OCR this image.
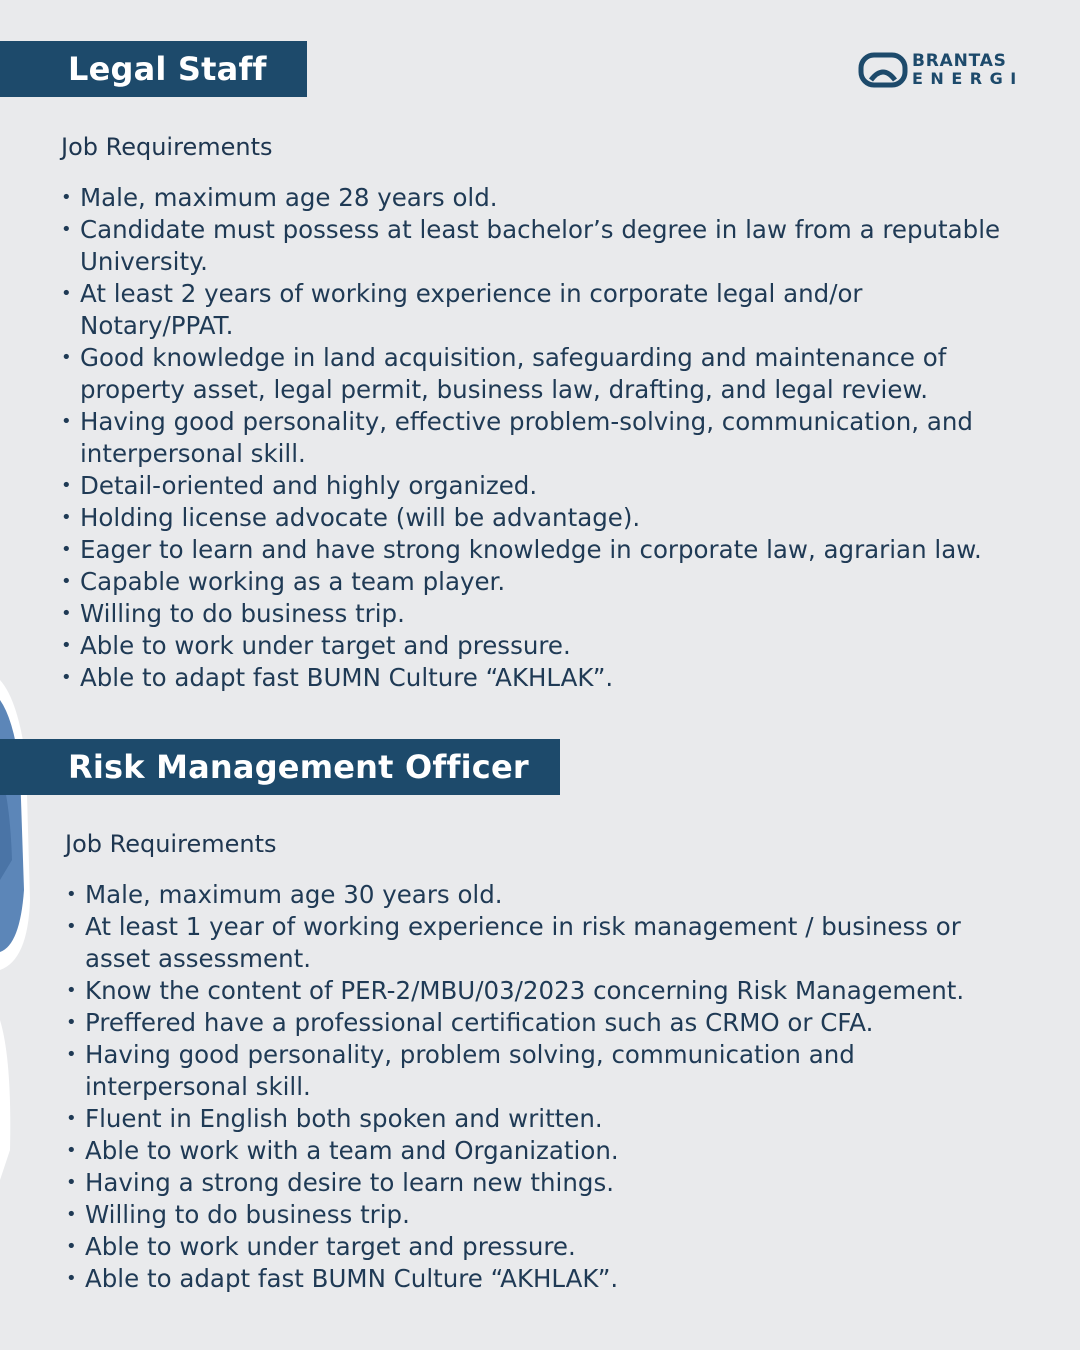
BRANTAS
ENERGI
Legal Staff
Job Requirements
• Male, maximum age 28 years old.
• Candidate must possess at least bachelor’s degree in law from a reputable University.
• At least 2 years of working experience in corporate legal and/or Notary/PPAT.
• Good knowledge in land acquisition, safeguarding and maintenance of property asset, legal permit, business law, drafting, and legal review.
• Having good personality, effective problem-solving, communication, and interpersonal skill.
• Detail-oriented and highly organized.
• Holding license advocate (will be advantage).
• Eager to learn and have strong knowledge in corporate law, agrarian law.
• Capable working as a team player.
• Willing to do business trip.
• Able to work under target and pressure.
• Able to adapt fast BUMN Culture “AKHLAK”.
Risk Management Officer
Job Requirements
• Male, maximum age 30 years old.
• At least 1 year of working experience in risk management / business or asset assessment.
• Know the content of PER-2/MBU/03/2023 concerning Risk Management.
• Preffered have a professional certification such as CRMO or CFA.
• Having good personality, problem solving, communication and interpersonal skill.
• Fluent in English both spoken and written.
• Able to work with a team and Organization.
• Having a strong desire to learn new things.
• Willing to do business trip.
• Able to work under target and pressure.
• Able to adapt fast BUMN Culture “AKHLAK”.
